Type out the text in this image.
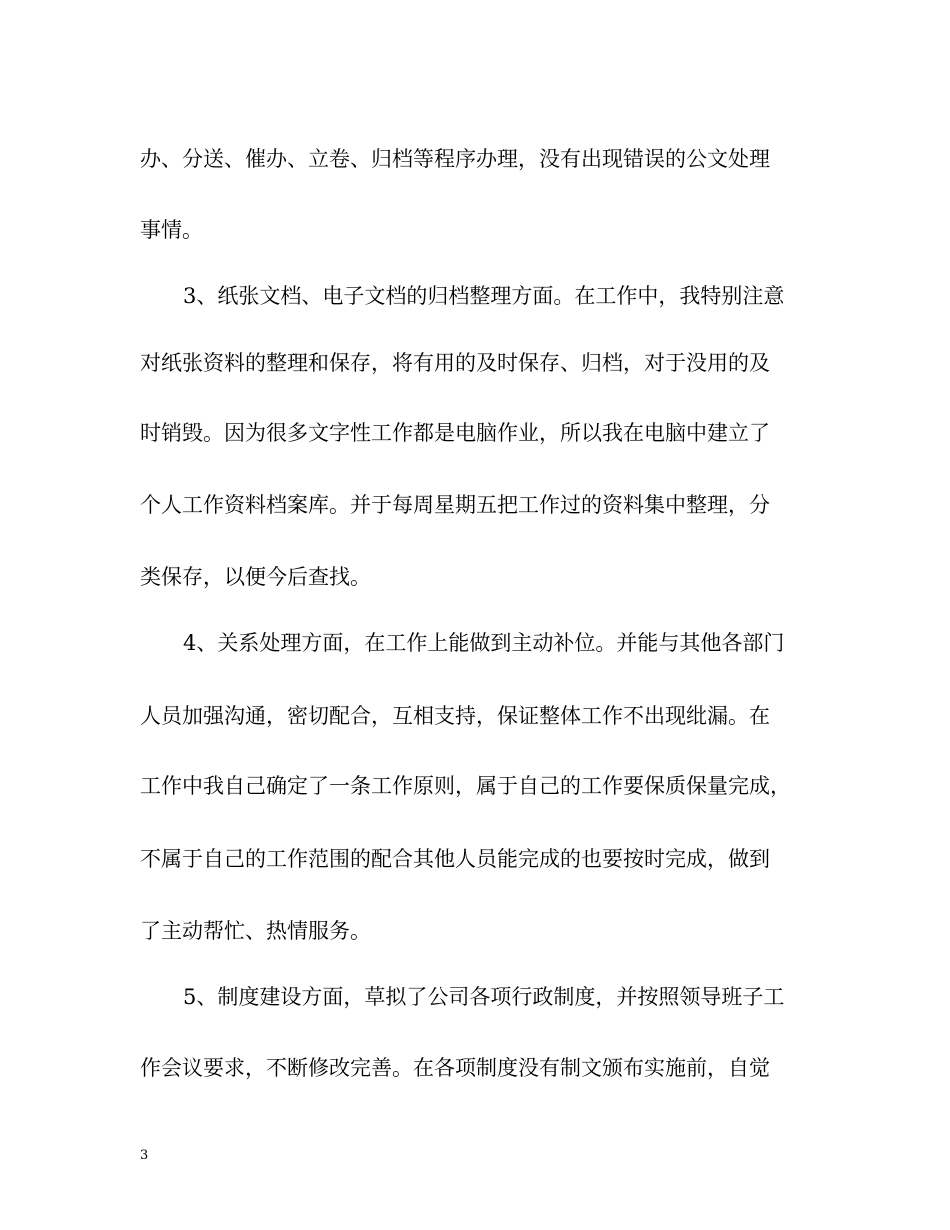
办、分送、催办、立卷、归档等程序办理，没有出现错误的公文处理
事情。
3、纸张文档、电子文档的归档整理方面。在工作中，我特别注意
对纸张资料的整理和保存，将有用的及时保存、归档，对于没用的及
时销毁。因为很多文字性工作都是电脑作业，所以我在电脑中建立了
个人工作资料档案库。并于每周星期五把工作过的资料集中整理，分
类保存，以便今后查找。
4、关系处理方面，在工作上能做到主动补位。并能与其他各部门
人员加强沟通，密切配合，互相支持，保证整体工作不出现纰漏。在
工作中我自己确定了一条工作原则，属于自己的工作要保质保量完成，
不属于自己的工作范围的配合其他人员能完成的也要按时完成，做到
了主动帮忙、热情服务。
5、制度建设方面，草拟了公司各项行政制度，并按照领导班子工
作会议要求，不断修改完善。在各项制度没有制文颁布实施前，自觉
3
